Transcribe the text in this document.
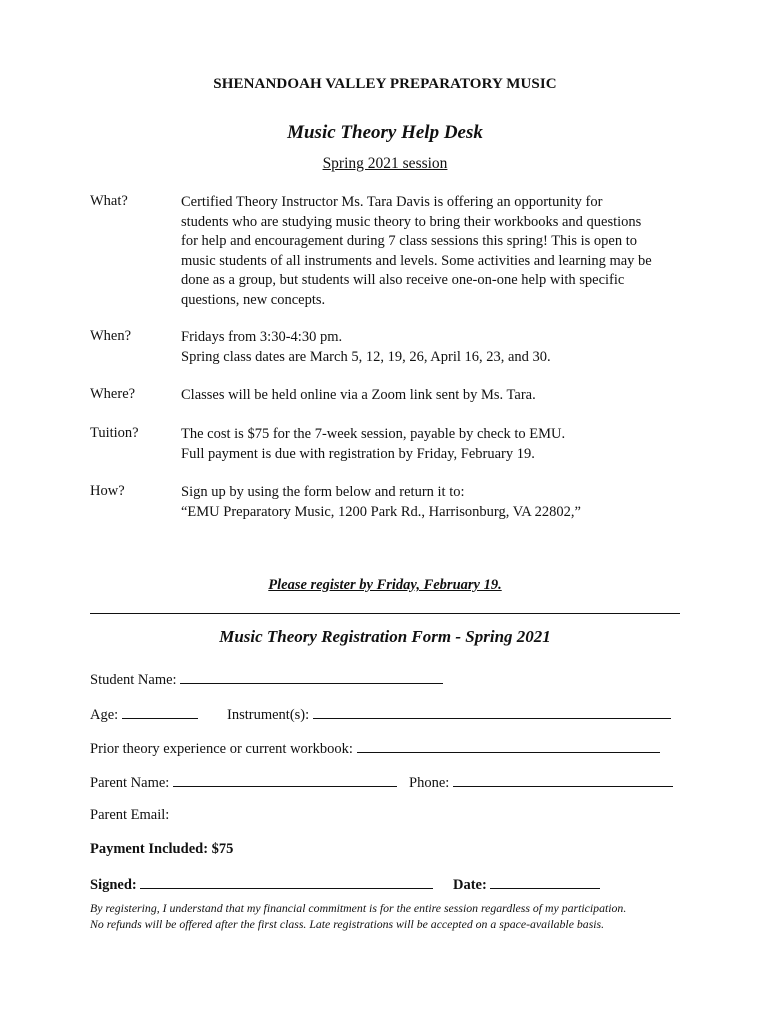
SHENANDOAH VALLEY PREPARATORY MUSIC
Music Theory Help Desk
Spring 2021 session
What?	Certified Theory Instructor Ms. Tara Davis is offering an opportunity for
students who are studying music theory to bring their workbooks and questions
for help and encouragement during 7 class sessions this spring! This is open to
music students of all instruments and levels. Some activities and learning may be
done as a group, but students will also receive one-on-one help with specific
questions, new concepts.
When?	Fridays from 3:30-4:30 pm.
Spring class dates are March 5, 12, 19, 26, April 16, 23, and 30.
Where?	Classes will be held online via a Zoom link sent by Ms. Tara.
Tuition?	The cost is $75 for the 7-week session, payable by check to EMU.
Full payment is due with registration by Friday, February 19.
How?	Sign up by using the form below and return it to:
“EMU Preparatory Music, 1200 Park Rd., Harrisonburg, VA 22802,”
Please register by Friday, February 19.
Music Theory Registration Form - Spring 2021
Student Name:
Age:	Instrument(s):
Prior theory experience or current workbook:
Parent Name:	Phone:
Parent Email:
Payment Included: $75
Signed:	Date:
By registering, I understand that my financial commitment is for the entire session regardless of my participation.
No refunds will be offered after the first class. Late registrations will be accepted on a space-available basis.
